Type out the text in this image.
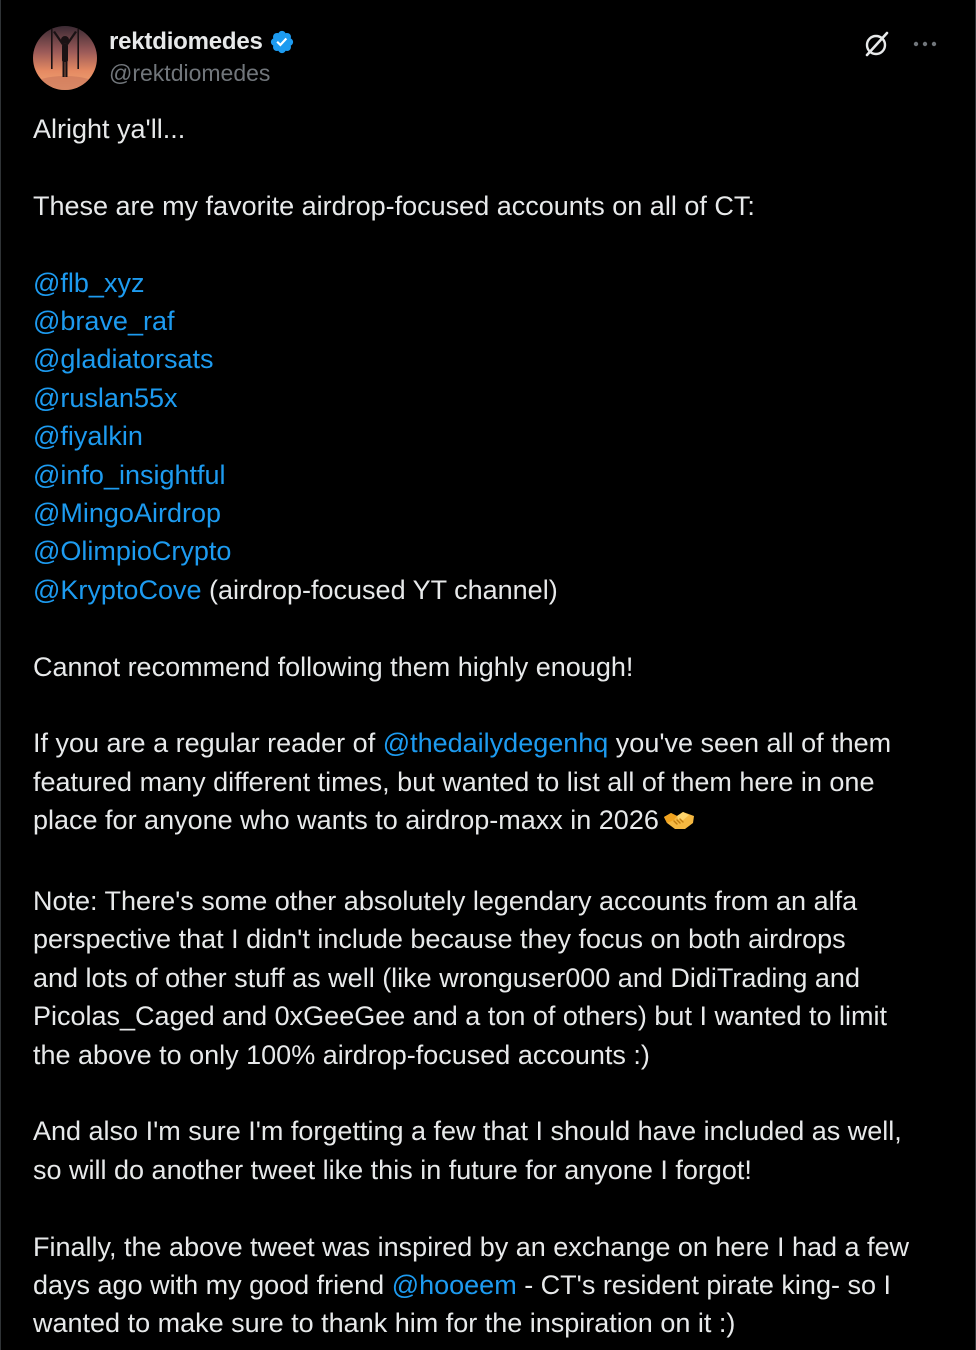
rektdiomedes
@rektdiomedes

Alright ya'll...

These are my favorite airdrop-focused accounts on all of CT:

@flb_xyz

@brave_raf

@gladiatorsats

@ruslan55x

@fiyalkin

@info_insightful

@MingoAirdrop

@OlimpioCrypto

@KryptoCove (airdrop-focused YT channel)

Cannot recommend following them highly enough!

If you are a regular reader of @thedailydegenhq you've seen all of them

featured many different times, but wanted to list all of them here in one

place for anyone who wants to airdrop-maxx in 2026

Note: There's some other absolutely legendary accounts from an alfa

perspective that I didn't include because they focus on both airdrops

and lots of other stuff as well (like wronguser000 and DidiTrading and

Picolas_Caged and 0xGeeGee and a ton of others) but I wanted to limit

the above to only 100% airdrop-focused accounts :)

And also I'm sure I'm forgetting a few that I should have included as well,

so will do another tweet like this in future for anyone I forgot!

Finally, the above tweet was inspired by an exchange on here I had a few

days ago with my good friend @hooeem - CT's resident pirate king- so I

wanted to make sure to thank him for the inspiration on it :)
